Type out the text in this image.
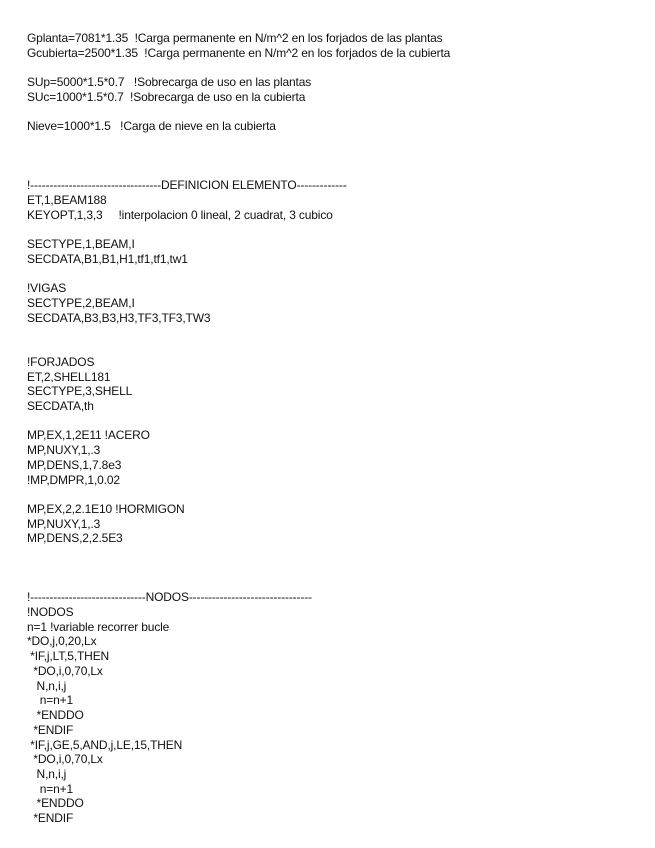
Gplanta=7081*1.35  !Carga permanente en N/m^2 en los forjados de las plantas
Gcubierta=2500*1.35  !Carga permanente en N/m^2 en los forjados de la cubierta
SUp=5000*1.5*0.7   !Sobrecarga de uso en las plantas
SUc=1000*1.5*0.7  !Sobrecarga de uso en la cubierta
Nieve=1000*1.5   !Carga de nieve en la cubierta
!----------------------------------DEFINICION ELEMENTO-------------
ET,1,BEAM188
KEYOPT,1,3,3     !interpolacion 0 lineal, 2 cuadrat, 3 cubico
SECTYPE,1,BEAM,I
SECDATA,B1,B1,H1,tf1,tf1,tw1
!VIGAS
SECTYPE,2,BEAM,I
SECDATA,B3,B3,H3,TF3,TF3,TW3
!FORJADOS
ET,2,SHELL181
SECTYPE,3,SHELL
SECDATA,th
MP,EX,1,2E11 !ACERO
MP,NUXY,1,.3
MP,DENS,1,7.8e3
!MP,DMPR,1,0.02
MP,EX,2,2.1E10 !HORMIGON
MP,NUXY,1,.3
MP,DENS,2,2.5E3
!------------------------------NODOS--------------------------------
!NODOS
n=1 !variable recorrer bucle
*DO,j,0,20,Lx
*IF,j,LT,5,THEN
*DO,i,0,70,Lx
N,n,i,j
n=n+1
*ENDDO
*ENDIF
*IF,j,GE,5,AND,j,LE,15,THEN
*DO,i,0,70,Lx
N,n,i,j
n=n+1
*ENDDO
*ENDIF
